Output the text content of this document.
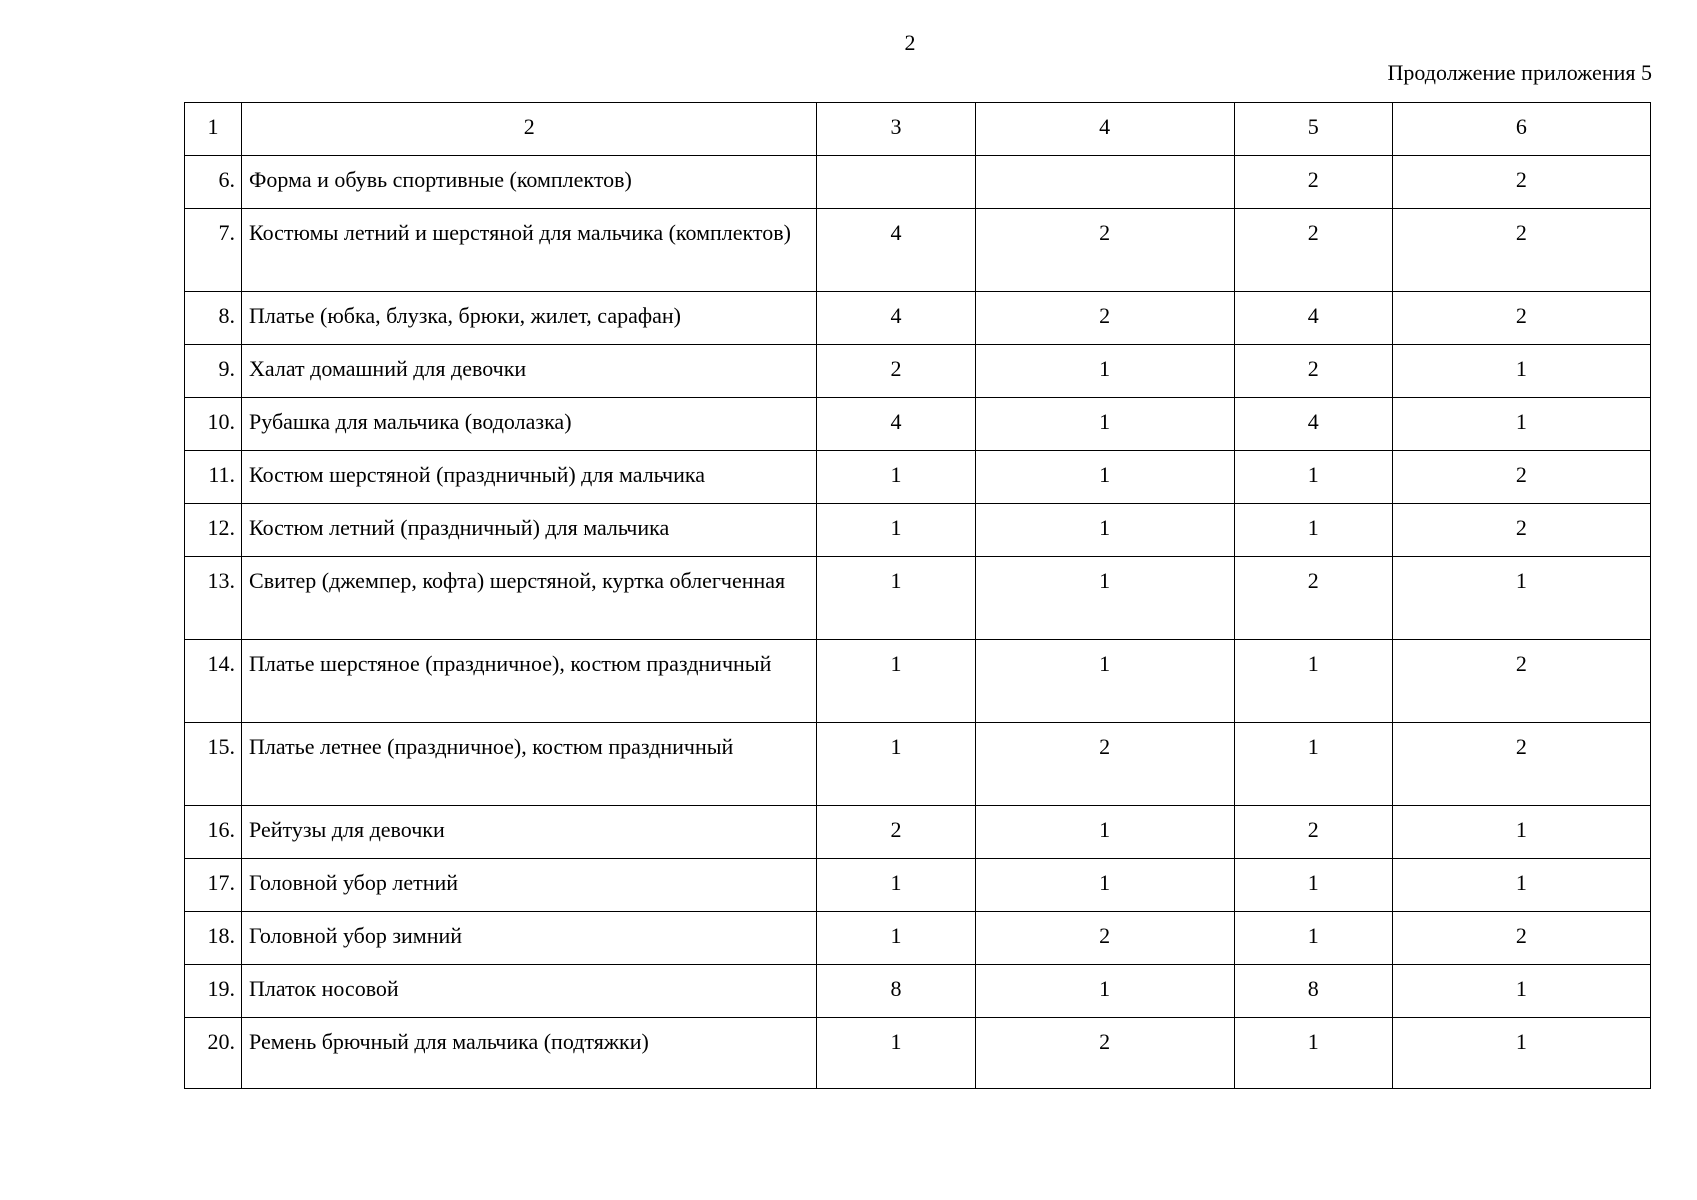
2
Продолжение приложения 5
1	2	3	4	5	6
6.	Форма и обувь спортивные (комплектов)			2	2
7.	Костюмы летний и шерстяной для мальчика (комплектов)	4	2	2	2
8.	Платье (юбка, блузка, брюки, жилет, сарафан)	4	2	4	2
9.	Халат домашний для девочки	2	1	2	1
10.	Рубашка для мальчика (водолазка)	4	1	4	1
11.	Костюм шерстяной (праздничный) для мальчика	1	1	1	2
12.	Костюм летний (праздничный) для мальчика	1	1	1	2
13.	Свитер (джемпер, кофта) шерстяной, куртка облегченная	1	1	2	1
14.	Платье шерстяное (праздничное), костюм праздничный	1	1	1	2
15.	Платье летнее (праздничное), костюм праздничный	1	2	1	2
16.	Рейтузы для девочки	2	1	2	1
17.	Головной убор летний	1	1	1	1
18.	Головной убор зимний	1	2	1	2
19.	Платок носовой	8	1	8	1
20.	Ремень брючный для мальчика (подтяжки)	1	2	1	1
